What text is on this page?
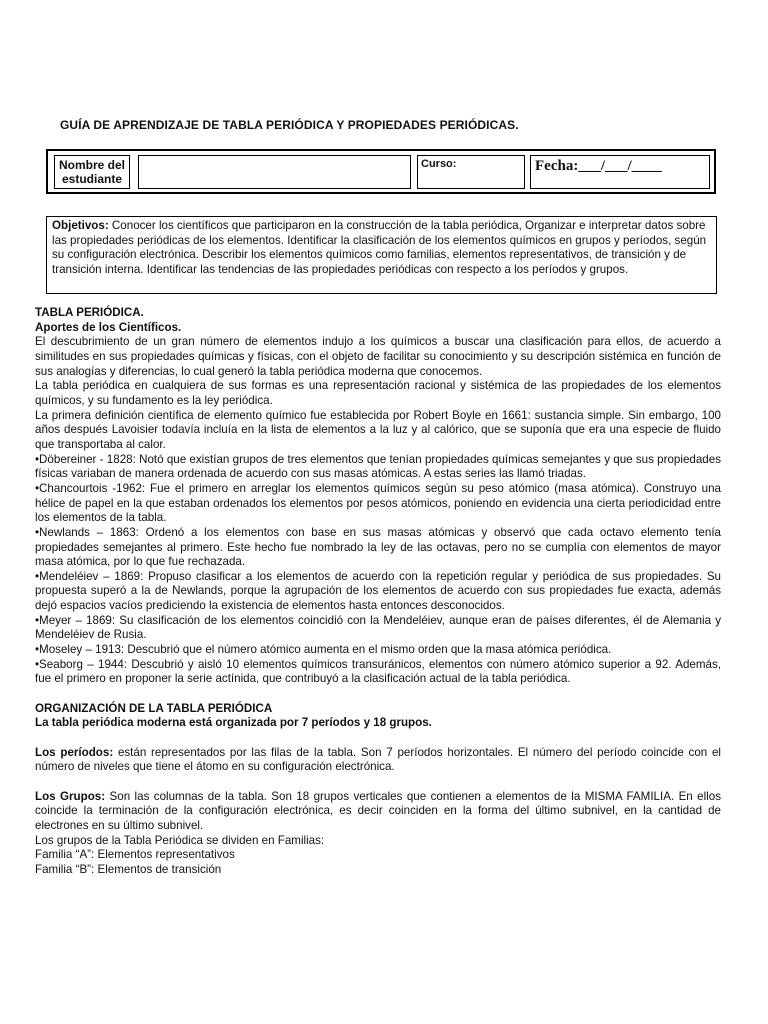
GUÍA DE APRENDIZAJE DE TABLA PERIÓDICA Y PROPIEDADES PERIÓDICAS.
Nombre del estudiante
Curso:	Fecha:___/___/____
Objetivos: Conocer los científicos que participaron en la construcción de la tabla periódica, Organizar e interpretar datos sobre las propiedades periódicas de los elementos. Identificar la clasificación de los elementos químicos en grupos y períodos, según su configuración electrónica. Describir los elementos químicos como familias, elementos representativos, de transición y de transición interna. Identificar las tendencias de las propiedades periódicas con respecto a los períodos y grupos.

TABLA PERIÓDICA.

Aportes de los Científicos.

El descubrimiento de un gran número de elementos indujo a los químicos a buscar una clasificación para ellos, de acuerdo a similitudes en sus propiedades químicas y físicas, con el objeto de facilitar su conocimiento y su descripción sistémica en función de sus analogías y diferencias, lo cual generó la tabla periódica moderna que conocemos.

La tabla periódica en cualquiera de sus formas es una representación racional y sistémica de las propiedades de los elementos químicos, y su fundamento es la ley periódica.

La primera definición científica de elemento químico fue establecida por Robert Boyle en 1661: sustancia simple. Sin embargo, 100 años después Lavoisier todavía incluía en la lista de elementos a la luz y al calórico, que se suponía que era una especie de fluido que transportaba al calor.

•Döbereiner - 1828: Notó que existían grupos de tres elementos que tenían propiedades químicas semejantes y que sus propiedades físicas variaban de manera ordenada de acuerdo con sus masas atómicas. A estas series las llamó triadas.

•Chancourtois -1962: Fue el primero en arreglar los elementos químicos según su peso atómico (masa atómica). Construyo una hélice de papel en la que estaban ordenados los elementos por pesos atómicos, poniendo en evidencia una cierta periodicidad entre los elementos de la tabla.

•Newlands – 1863: Ordenó a los elementos con base en sus masas atómicas y observó que cada octavo elemento tenía propiedades semejantes al primero. Este hecho fue nombrado la ley de las octavas, pero no se cumplía con elementos de mayor masa atómica, por lo que fue rechazada.

•Mendeléiev – 1869: Propuso clasificar a los elementos de acuerdo con la repetición regular y periódica de sus propiedades. Su propuesta superó a la de Newlands, porque la agrupación de los elementos de acuerdo con sus propiedades fue exacta, además dejó espacios vacíos prediciendo la existencia de elementos hasta entonces desconocidos.

•Meyer – 1869: Su clasificación de los elementos coincidió con la Mendeléiev, aunque eran de países diferentes, él de Alemania y Mendeléiev de Rusia.

•Moseley – 1913: Descubrió que el número atómico aumenta en el mismo orden que la masa atómica periódica.

•Seaborg – 1944: Descubrió y aisló 10 elementos químicos transuránicos, elementos con número atómico superior a 92. Además, fue el primero en proponer la serie actínida, que contribuyó a la clasificación actual de la tabla periódica.

ORGANIZACIÓN DE LA TABLA PERIÓDICA

La tabla periódica moderna está organizada por 7 períodos y 18 grupos.

Los períodos: están representados por las filas de la tabla. Son 7 períodos horizontales. El número del período coincide con el número de niveles que tiene el átomo en su configuración electrónica.

Los Grupos: Son las columnas de la tabla. Son 18 grupos verticales que contienen a elementos de la MISMA FAMILIA. En ellos coincide la terminación de la configuración electrónica, es decir coinciden en la forma del último subnivel, en la cantidad de electrones en su último subnivel.

Los grupos de la Tabla Periódica se dividen en Familias:

Familia “A”: Elementos representativos

Familia “B”: Elementos de transición
